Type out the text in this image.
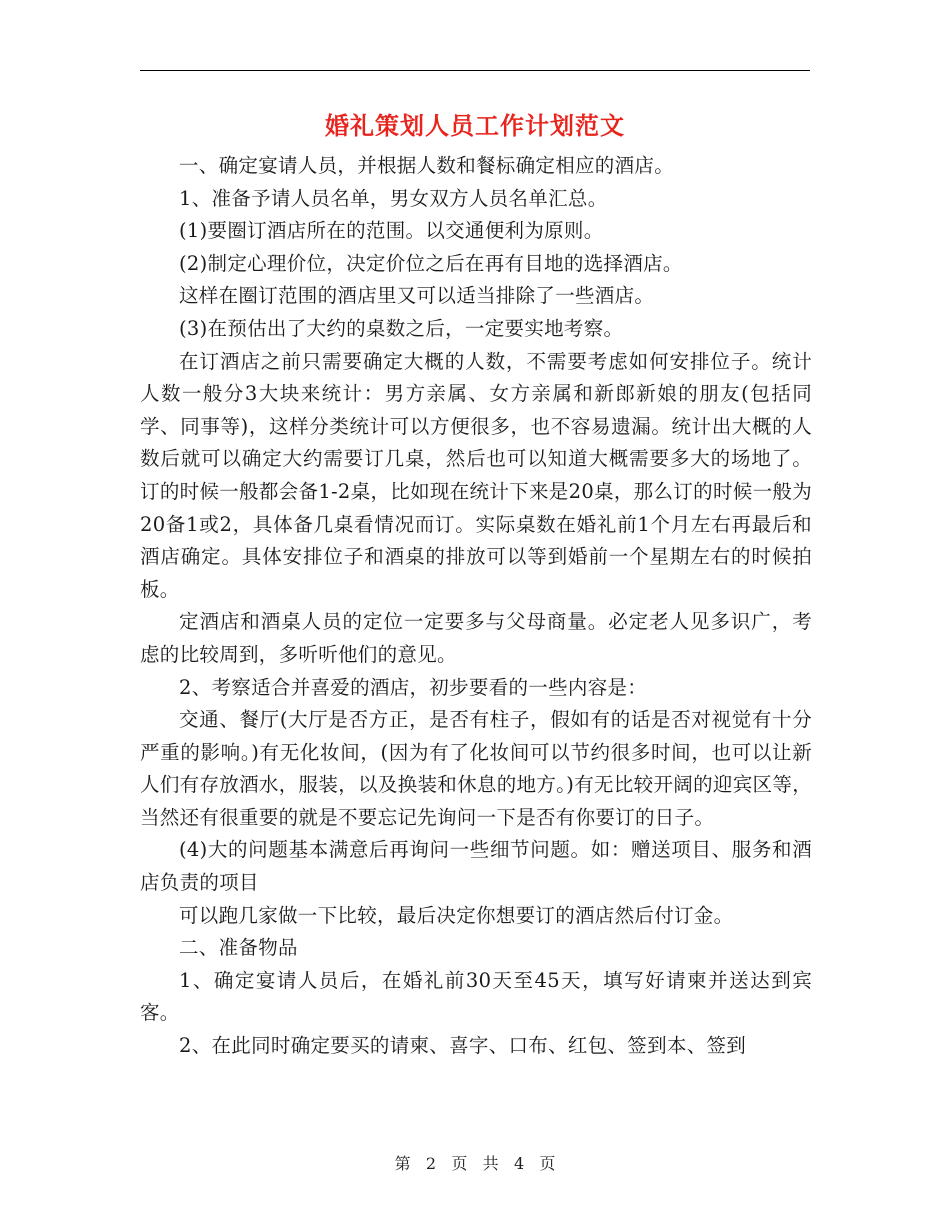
婚礼策划人员工作计划范文

一、确定宴请人员，并根据人数和餐标确定相应的酒店。

1、准备予请人员名单，男女双方人员名单汇总。

(1)要圈订酒店所在的范围。以交通便利为原则。

(2)制定心理价位，决定价位之后在再有目地的选择酒店。

这样在圈订范围的酒店里又可以适当排除了一些酒店。

(3)在预估出了大约的桌数之后，一定要实地考察。

在订酒店之前只需要确定大概的人数，不需要考虑如何安排位子。统计人数一般分3大块来统计：男方亲属、女方亲属和新郎新娘的朋友(包括同学、同事等)，这样分类统计可以方便很多，也不容易遗漏。统计出大概的人数后就可以确定大约需要订几桌，然后也可以知道大概需要多大的场地了。订的时候一般都会备1-2桌，比如现在统计下来是20桌，那么订的时候一般为20备1或2，具体备几桌看情况而订。实际桌数在婚礼前1个月左右再最后和酒店确定。具体安排位子和酒桌的排放可以等到婚前一个星期左右的时候拍板。

定酒店和酒桌人员的定位一定要多与父母商量。必定老人见多识广，考虑的比较周到，多听听他们的意见。

2、考察适合并喜爱的酒店，初步要看的一些内容是：

交通、餐厅(大厅是否方正，是否有柱子，假如有的话是否对视觉有十分严重的影响。)有无化妆间，(因为有了化妆间可以节约很多时间，也可以让新人们有存放酒水，服装，以及换装和休息的地方。)有无比较开阔的迎宾区等，当然还有很重要的就是不要忘记先询问一下是否有你要订的日子。

(4)大的问题基本满意后再询问一些细节问题。如：赠送项目、服务和酒店负责的项目

可以跑几家做一下比较，最后决定你想要订的酒店然后付订金。

二、准备物品

1、确定宴请人员后，在婚礼前30天至45天，填写好请柬并送达到宾客。

2、在此同时确定要买的请柬、喜字、口布、红包、签到本、签到

第 2 页 共 4 页
